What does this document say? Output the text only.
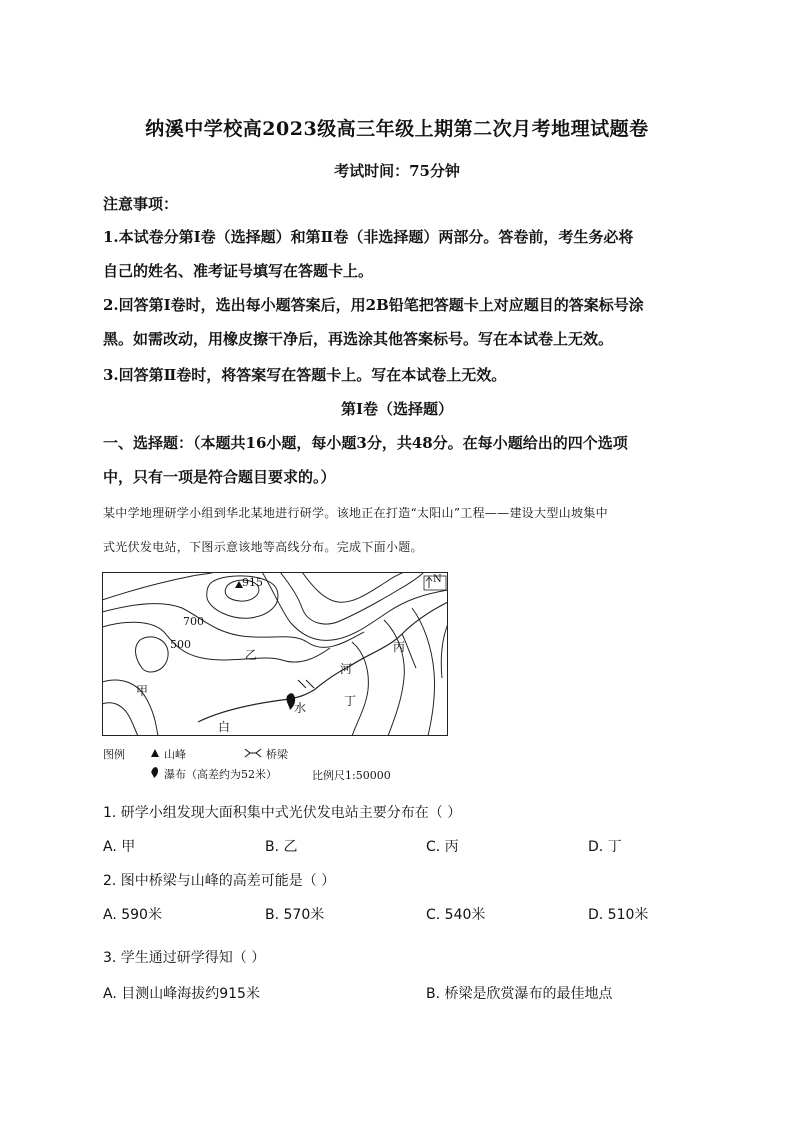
纳溪中学校高2023级高三年级上期第二次月考地理试题卷
考试时间：75分钟
注意事项：
1.本试卷分第Ⅰ卷（选择题）和第Ⅱ卷（非选择题）两部分。答卷前，考生务必将
自己的姓名、准考证号填写在答题卡上。
2.回答第Ⅰ卷时，选出每小题答案后，用2B铅笔把答题卡上对应题目的答案标号涂
黑。如需改动，用橡皮擦干净后，再选涂其他答案标号。写在本试卷上无效。
3.回答第Ⅱ卷时，将答案写在答题卡上。写在本试卷上无效。
第Ⅰ卷（选择题）
一、选择题：（本题共16小题，每小题3分，共48分。在每小题给出的四个选项
中，只有一项是符合题目要求的。）
某中学地理研学小组到华北某地进行研学。该地正在打造“太阳山”工程——建设大型山坡集中
式光伏发电站，下图示意该地等高线分布。完成下面小题。
915
700
500
乙
丙
河
甲
丁
水
白
N
图例	山峰	桥梁
瀑布（高差约为52米）	比例尺1:50000
1. 研学小组发现大面积集中式光伏发电站主要分布在（ ）
A. 甲	B. 乙	C. 丙	D. 丁
2. 图中桥梁与山峰的高差可能是（ ）
A. 590米	B. 570米	C. 540米	D. 510米
3. 学生通过研学得知（ ）
A. 目测山峰海拔约915米	B. 桥梁是欣赏瀑布的最佳地点
